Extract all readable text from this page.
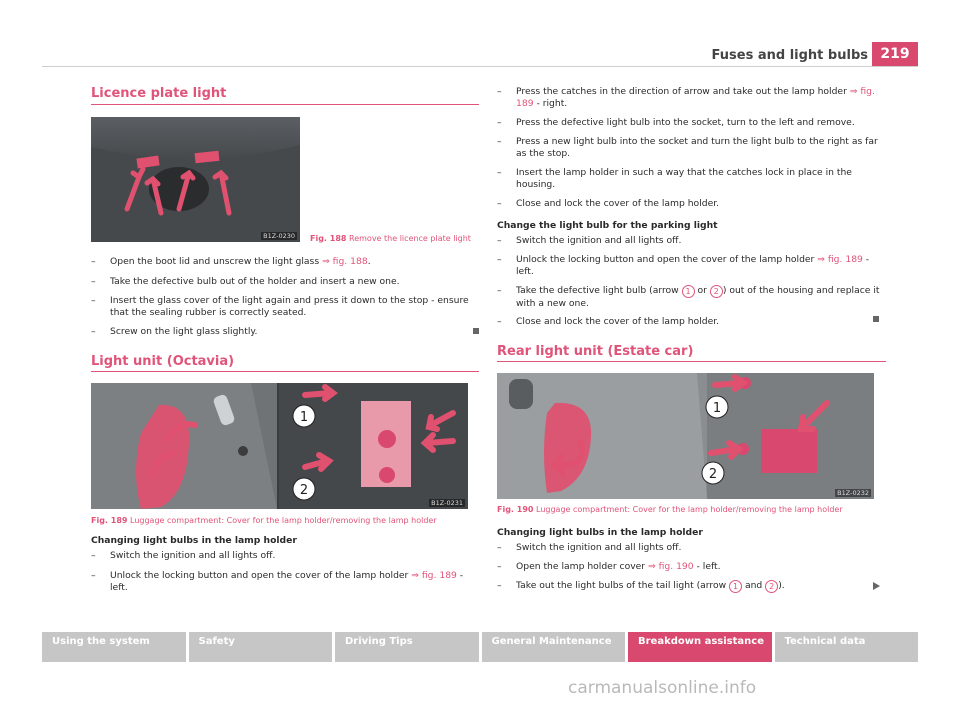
Fuses and light bulbs 219
Licence plate light
B1Z-0230 Fig. 188 Remove the licence plate light
– Open the boot lid and unscrew the light glass ⇒ fig. 188.
– Take the defective bulb out of the holder and insert a new one.
– Insert the glass cover of the light again and press it down to the stop - ensure that the sealing rubber is correctly seated.
– Screw on the light glass slightly.
Light unit (Octavia)
1
2
B1Z-0231
Fig. 189 Luggage compartment: Cover for the lamp holder/removing the lamp holder
Changing light bulbs in the lamp holder
– Switch the ignition and all lights off.
– Unlock the locking button and open the cover of the lamp holder ⇒ fig. 189 - left.
– Press the catches in the direction of arrow and take out the lamp holder ⇒ fig. 189 - right.
– Press the defective light bulb into the socket, turn to the left and remove.
– Press a new light bulb into the socket and turn the light bulb to the right as far as the stop.
– Insert the lamp holder in such a way that the catches lock in place in the housing.
– Close and lock the cover of the lamp holder.
Change the light bulb for the parking light
– Switch the ignition and all lights off.
– Unlock the locking button and open the cover of the lamp holder ⇒ fig. 189 - left.
– Take the defective light bulb (arrow 1 or 2 ) out of the housing and replace it with a new one.
– Close and lock the cover of the lamp holder.
Rear light unit (Estate car)
1
2
B1Z-0232
Fig. 190 Luggage compartment: Cover for the lamp holder/removing the lamp holder
Changing light bulbs in the lamp holder
– Switch the ignition and all lights off.
– Open the lamp holder cover ⇒ fig. 190 - left.
– Take out the light bulbs of the tail light (arrow 1 and 2 ).
Using the system	Safety	Driving Tips	General Maintenance	Breakdown assistance	Technical data
carmanualsonline.info
